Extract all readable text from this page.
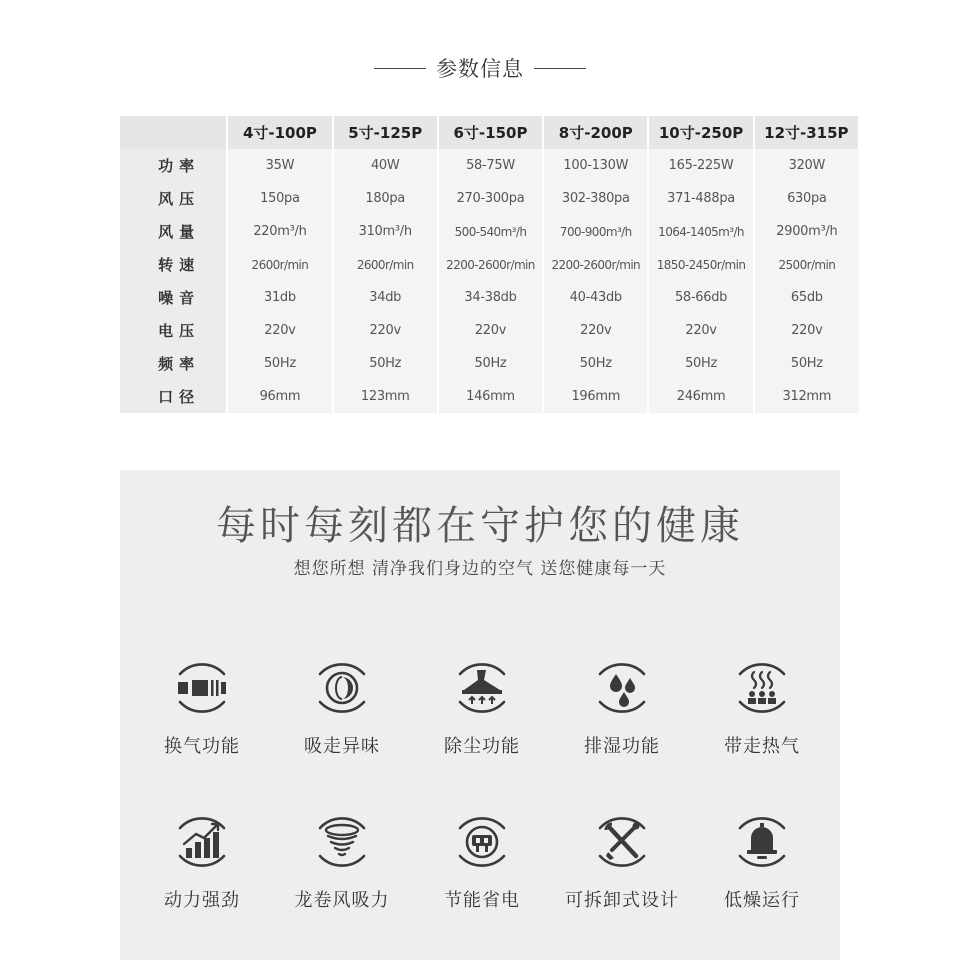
参数信息
	4寸-100P	5寸-125P	6寸-150P	8寸-200P	10寸-250P	12寸-315P
功率	35W	40W	58-75W	100-130W	165-225W	320W
风压	150pa	180pa	270-300pa	302-380pa	371-488pa	630pa
风量	220m³/h	310m³/h	500-540m³/h	700-900m³/h	1064-1405m³/h	2900m³/h
转速	2600r/min	2600r/min	2200-2600r/min	2200-2600r/min	1850-2450r/min	2500r/min
噪音	31db	34db	34-38db	40-43db	58-66db	65db
电压	220v	220v	220v	220v	220v	220v
频率	50Hz	50Hz	50Hz	50Hz	50Hz	50Hz
口径	96mm	123mm	146mm	196mm	246mm	312mm
每时每刻都在守护您的健康

想您所想 清净我们身边的空气 送您健康每一天

换气功能	吸走异味	除尘功能	排湿功能	带走热气
动力强劲	龙卷风吸力	节能省电	可拆卸式设计	低燥运行
